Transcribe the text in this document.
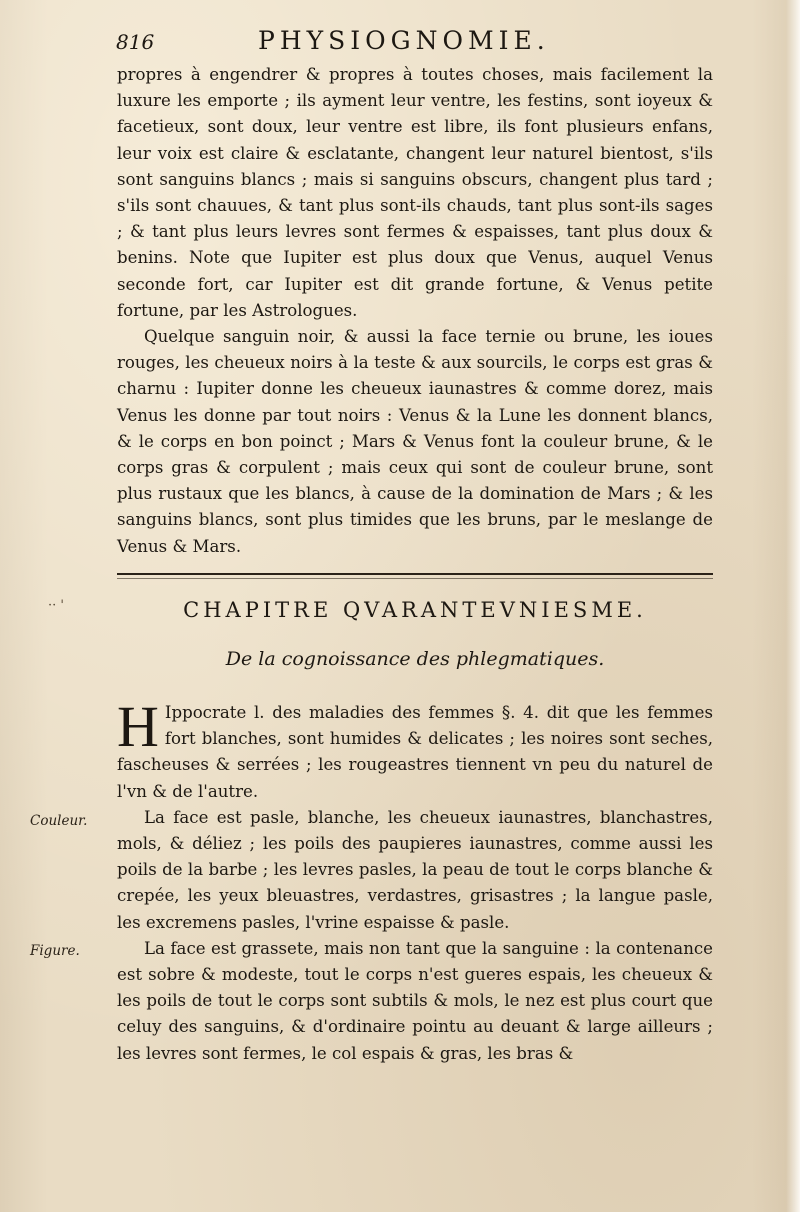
816	PHYSIOGNOMIE.

propres à engendrer & propres à toutes choses, mais facilement la luxure les emporte ; ils ayment leur ventre, les festins, sont ioyeux & facetieux, sont doux, leur ventre est libre, ils font plusieurs enfans, leur voix est claire & esclatante, changent leur naturel bientost, s'ils sont sanguins blancs ; mais si sanguins obscurs, changent plus tard ; s'ils sont chauues, & tant plus sont-ils chauds, tant plus sont-ils sages ; & tant plus leurs levres sont fermes & espaisses, tant plus doux & benins. Note que Iupiter est plus doux que Venus, auquel Venus seconde fort, car Iupiter est dit grande fortune, & Venus petite fortune, par les Astrologues.

Quelque sanguin noir, & aussi la face ternie ou brune, les ioues rouges, les cheueux noirs à la teste & aux sourcils, le corps est gras & charnu : Iupiter donne les cheueux iaunastres & comme dorez, mais Venus les donne par tout noirs : Venus & la Lune les donnent blancs, & le corps en bon poinct ; Mars & Venus font la couleur brune, & le corps gras & corpulent ; mais ceux qui sont de couleur brune, sont plus rustaux que les blancs, à cause de la domination de Mars ; & les sanguins blancs, sont plus timides que les bruns, par le meslange de Venus & Mars.

·· '	CHAPITRE QVARANTEVNIESME.
De la cognoissance des phlegmatiques.

H Ippocrate l. des maladies des femmes §. 4. dit que les femmes fort blanches, sont humides & delicates ; les noires sont seches, fascheuses & serrées ; les rougeastres tiennent vn peu du naturel de l'vn & de l'autre.

La face est pasle, blanche, les cheueux iaunastres, blanchastres, mols, & déliez ; les poils des paupieres iaunastres, comme aussi les poils de la barbe ; les levres pasles, la peau de tout le corps blanche & crepée, les yeux bleuastres, verdastres, grisastres ; la langue pasle, les excremens pasles, l'vrine espaisse & pasle.

La face est grassete, mais non tant que la sanguine : la contenance est sobre & modeste, tout le corps n'est gueres espais, les cheueux & les poils de tout le corps sont subtils & mols, le nez est plus court que celuy des sanguins, & d'ordinaire pointu au deuant & large ailleurs ; les levres sont fermes, le col espais & gras, les bras &

Couleur.
Figure.
